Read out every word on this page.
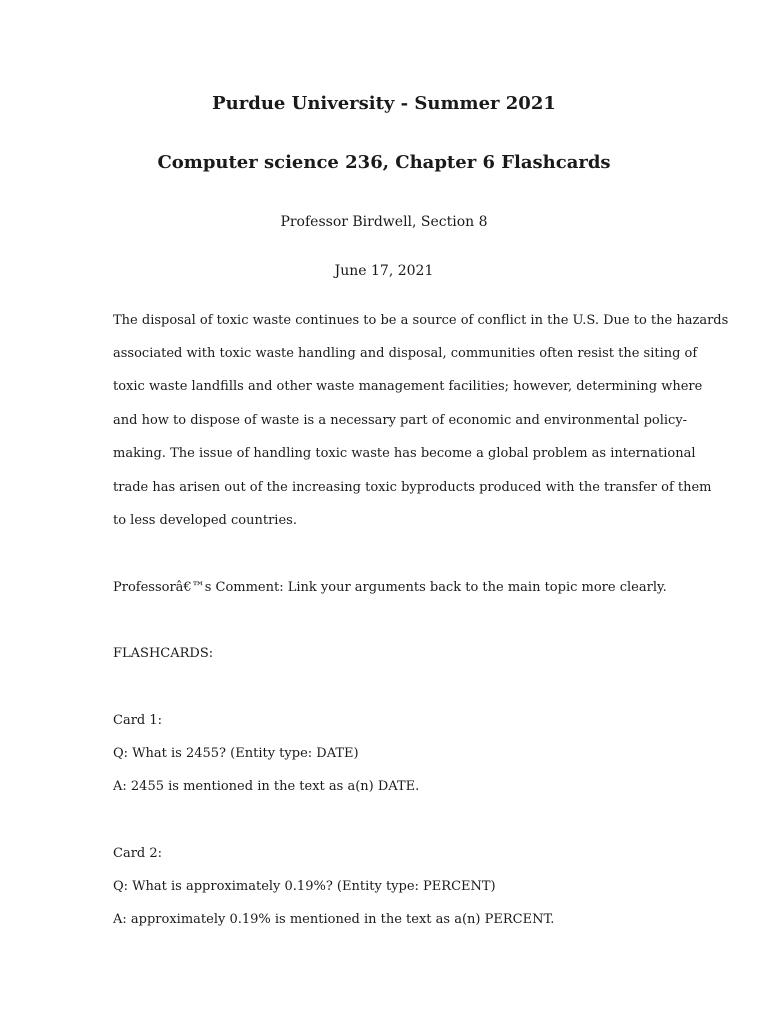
Purdue University - Summer 2021
Computer science 236, Chapter 6 Flashcards

Professor Birdwell, Section 8

June 17, 2021

The disposal of toxic waste continues to be a source of conflict in the U.S. Due to the hazards

associated with toxic waste handling and disposal, communities often resist the siting of

toxic waste landfills and other waste management facilities; however, determining where

and how to dispose of waste is a necessary part of economic and environmental policy-

making. The issue of handling toxic waste has become a global problem as international

trade has arisen out of the increasing toxic byproducts produced with the transfer of them

to less developed countries.

Professorâ€™s Comment: Link your arguments back to the main topic more clearly.

FLASHCARDS:

Card 1:

Q: What is 2455? (Entity type: DATE)

A: 2455 is mentioned in the text as a(n) DATE.

Card 2:

Q: What is approximately 0.19%? (Entity type: PERCENT)

A: approximately 0.19% is mentioned in the text as a(n) PERCENT.
